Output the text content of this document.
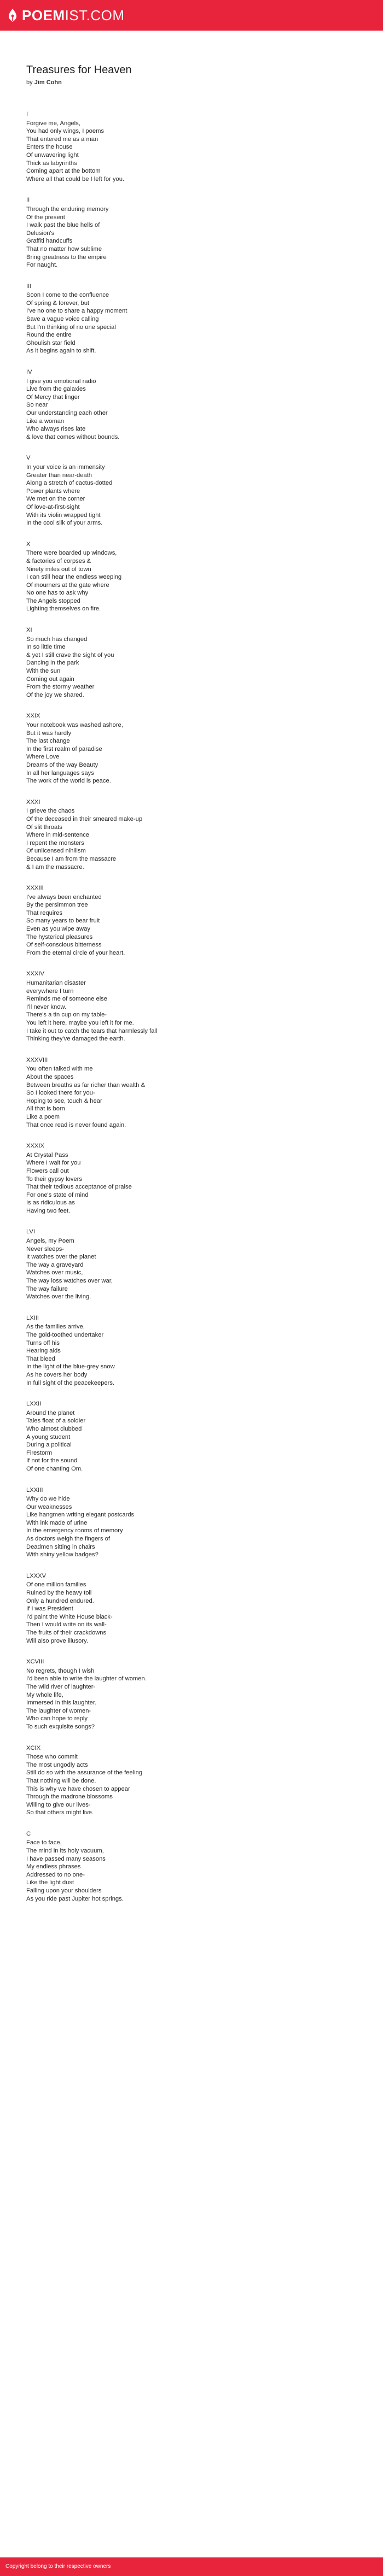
POEMIST.COM
Treasures for Heaven
by Jim Cohn
I
Forgive me, Angels,
You had only wings, I poems
That entered me as a man
Enters the house
Of unwavering light
Thick as labyrinths
Coming apart at the bottom
Where all that could be I left for you.
II
Through the enduring memory
Of the present
I walk past the blue hells of
Delusion's
Graffiti handcuffs
That no matter how sublime
Bring greatness to the empire
For naught.
III
Soon I come to the confluence
Of spring & forever, but
I've no one to share a happy moment
Save a vague voice calling
But I'm thinking of no one special
Round the entire
Ghoulish star field
As it begins again to shift.
IV
I give you emotional radio
Live from the galaxies
Of Mercy that linger
So near
Our understanding each other
Like a woman
Who always rises late
& love that comes without bounds.
V
In your voice is an immensity
Greater than near-death
Along a stretch of cactus-dotted
Power plants where
We met on the corner
Of love-at-first-sight
With its violin wrapped tight
In the cool silk of your arms.
X
There were boarded up windows,
& factories of corpses &
Ninety miles out of town
I can still hear the endless weeping
Of mourners at the gate where
No one has to ask why
The Angels stopped
Lighting themselves on fire.
XI
So much has changed
In so little time
& yet I still crave the sight of you
Dancing in the park
With the sun
Coming out again
From the stormy weather
Of the joy we shared.
XXIX
Your notebook was washed ashore,
But it was hardly
The last change
In the first realm of paradise
Where Love
Dreams of the way Beauty
In all her languages says
The work of the world is peace.
XXXI
I grieve the chaos
Of the deceased in their smeared make-up
Of slit throats
Where in mid-sentence
I repent the monsters
Of unlicensed nihilism
Because I am from the massacre
& I am the massacre.
XXXIII
I've always been enchanted
By the persimmon tree
That requires
So many years to bear fruit
Even as you wipe away
The hysterical pleasures
Of self-conscious bitterness
From the eternal circle of your heart.
XXXIV
Humanitarian disaster
everywhere I turn
Reminds me of someone else
I'll never know.
There's a tin cup on my table-
You left it here, maybe you left it for me.
I take it out to catch the tears that harmlessly fall
Thinking they've damaged the earth.
XXXVIII
You often talked with me
About the spaces
Between breaths as far richer than wealth &
So I looked there for you-
Hoping to see, touch & hear
All that is born
Like a poem
That once read is never found again.
XXXIX
At Crystal Pass
Where I wait for you
Flowers call out
To their gypsy lovers
That their tedious acceptance of praise
For one's state of mind
Is as ridiculous as
Having two feet.
LVI
Angels, my Poem
Never sleeps-
It watches over the planet
The way a graveyard
Watches over music,
The way loss watches over war,
The way failure
Watches over the living.
LXIII
As the families arrive,
The gold-toothed undertaker
Turns off his
Hearing aids
That bleed
In the light of the blue-grey snow
As he covers her body
In full sight of the peacekeepers.
LXXII
Around the planet
Tales float of a soldier
Who almost clubbed
A young student
During a political
Firestorm
If not for the sound
Of one chanting Om.
LXXIII
Why do we hide
Our weaknesses
Like hangmen writing elegant postcards
With ink made of urine
In the emergency rooms of memory
As doctors weigh the fingers of
Deadmen sitting in chairs
With shiny yellow badges?
LXXXV
Of one million families
Ruined by the heavy toll
Only a hundred endured.
If I was President
I'd paint the White House black-
Then I would write on its wall-
The fruits of their crackdowns
Will also prove illusory.
XCVIII
No regrets, though I wish
I'd been able to write the laughter of women.
The wild river of laughter-
My whole life,
Immersed in this laughter.
The laughter of women-
Who can hope to reply
To such exquisite songs?
XCIX
Those who commit
The most ungodly acts
Still do so with the assurance of the feeling
That nothing will be done.
This is why we have chosen to appear
Through the madrone blossoms
Willing to give our lives-
So that others might live.
C
Face to face,
The mind in its holy vacuum,
I have passed many seasons
My endless phrases
Addressed to no one-
Like the light dust
Falling upon your shoulders
As you ride past Jupiter hot springs.
Copyright belong to their respective owners
